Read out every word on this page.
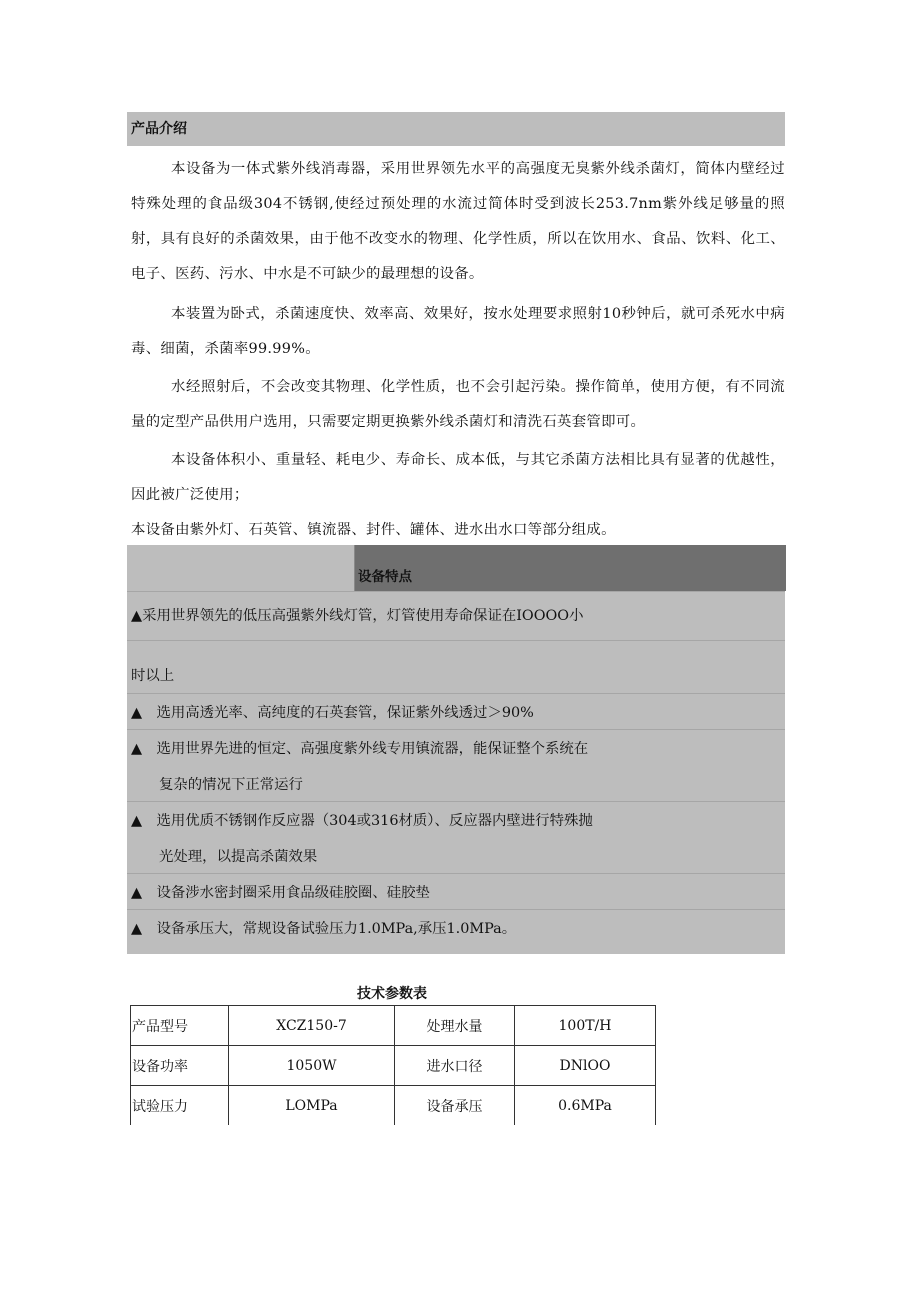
产品介绍

本设备为一体式紫外线消毒器，采用世界领先水平的高强度无臭紫外线杀菌灯，简体内壁经过特殊处理的食品级304不锈钢,使经过预处理的水流过简体时受到波长253.7nm紫外线足够量的照射，具有良好的杀菌效果，由于他不改变水的物理、化学性质，所以在饮用水、食品、饮料、化工、电子、医药、污水、中水是不可缺少的最理想的设备。

本装置为卧式，杀菌速度快、效率高、效果好，按水处理要求照射10秒钟后，就可杀死水中病毒、细菌，杀菌率99.99%。

水经照射后，不会改变其物理、化学性质，也不会引起污染。操作简单，使用方便，有不同流量的定型产品供用户选用，只需要定期更换紫外线杀菌灯和清洗石英套管即可。

本设备体积小、重量轻、耗电少、寿命长、成本低，与其它杀菌方法相比具有显著的优越性，因此被广泛使用；

本设备由紫外灯、石英管、镇流器、封件、罐体、进水出水口等部分组成。

设备特点
▲采用世界领先的低压高强紫外线灯管，灯管使用寿命保证在IOOOO小
时以上
▲　选用高透光率、高纯度的石英套管，保证紫外线透过＞90%
▲　选用世界先进的恒定、高强度紫外线专用镇流器，能保证整个系统在
复杂的情况下正常运行
▲　选用优质不锈钢作反应器（304或316材质）、反应器内壁进行特殊抛
光处理，以提高杀菌效果
▲　设备涉水密封圈采用食品级硅胶圈、硅胶垫
▲　设备承压大，常规设备试验压力1.0MPa,承压1.0MPa。
技术参数表
产品型号	XCZ150-7	处理水量	100T/H
设备功率	1050W	进水口径	DNlOO
试验压力	LOMPa	设备承压	0.6MPa
